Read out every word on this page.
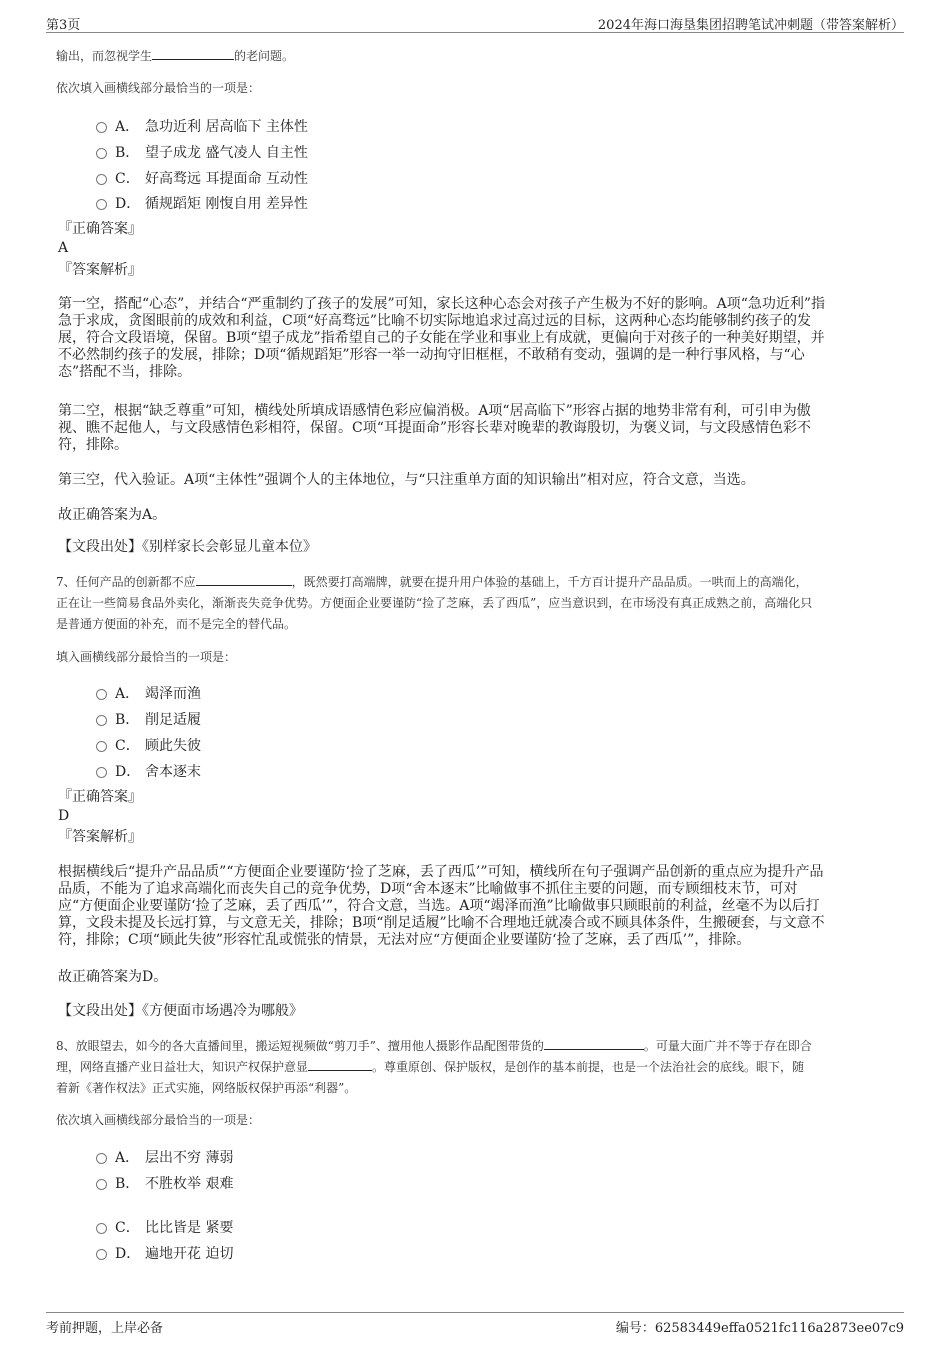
第3页	2024年海口海垦集团招聘笔试冲刺题（带答案解析）
输出，而忽视学生	的老问题。
依次填入画横线部分最恰当的一项是：
A． 急功近利 居高临下 主体性
B． 望子成龙 盛气凌人 自主性
C． 好高骛远 耳提面命 互动性
D． 循规蹈矩 刚愎自用 差异性
『正确答案』
A
『答案解析』
第一空，搭配“心态”，并结合“严重制约了孩子的发展”可知，家长这种心态会对孩子产生极为不好的影响。A项“急功近利”指
急于求成，贪图眼前的成效和利益，C项“好高骛远”比喻不切实际地追求过高过远的目标，这两种心态均能够制约孩子的发
展，符合文段语境，保留。B项“望子成龙”指希望自己的子女能在学业和事业上有成就，更偏向于对孩子的一种美好期望，并
不必然制约孩子的发展，排除；D项“循规蹈矩”形容一举一动拘守旧框框，不敢稍有变动，强调的是一种行事风格，与“心
态”搭配不当，排除。
第二空，根据“缺乏尊重”可知，横线处所填成语感情色彩应偏消极。A项“居高临下”形容占据的地势非常有利，可引申为傲
视、瞧不起他人，与文段感情色彩相符，保留。C项“耳提面命”形容长辈对晚辈的教诲殷切，为褒义词，与文段感情色彩不
符，排除。
第三空，代入验证。A项“主体性”强调个人的主体地位，与“只注重单方面的知识输出”相对应，符合文意，当选。
故正确答案为A。
【文段出处】《别样家长会彰显儿童本位》
7、任何产品的创新都不应	，既然要打高端牌，就要在提升用户体验的基础上，千方百计提升产品品质。一哄而上的高端化，
正在让一些简易食品外卖化，渐渐丧失竞争优势。方便面企业要谨防“捡了芝麻，丢了西瓜”，应当意识到，在市场没有真正成熟之前，高端化只
是普通方便面的补充，而不是完全的替代品。
填入画横线部分最恰当的一项是：
A． 竭泽而渔
B． 削足适履
C． 顾此失彼
D． 舍本逐末
『正确答案』
D
『答案解析』
根据横线后“提升产品品质”“方便面企业要谨防‘捡了芝麻，丢了西瓜’”可知，横线所在句子强调产品创新的重点应为提升产品
品质，不能为了追求高端化而丧失自己的竞争优势，D项“舍本逐末”比喻做事不抓住主要的问题，而专顾细枝末节，可对
应“方便面企业要谨防‘捡了芝麻，丢了西瓜’”，符合文意，当选。A项“竭泽而渔”比喻做事只顾眼前的利益，丝毫不为以后打
算，文段未提及长远打算，与文意无关，排除；B项“削足适履”比喻不合理地迁就凑合或不顾具体条件，生搬硬套，与文意不
符，排除；C项“顾此失彼”形容忙乱或慌张的情景，无法对应“方便面企业要谨防‘捡了芝麻，丢了西瓜’”，排除。
故正确答案为D。
【文段出处】《方便面市场遇冷为哪般》
8、放眼望去，如今的各大直播间里，搬运短视频做“剪刀手”、擅用他人摄影作品配图带货的	。可量大面广并不等于存在即合
理，网络直播产业日益壮大，知识产权保护意显	。尊重原创、保护版权，是创作的基本前提，也是一个法治社会的底线。眼下，随
着新《著作权法》正式实施，网络版权保护再添“利器”。
依次填入画横线部分最恰当的一项是：
A． 层出不穷 薄弱
B． 不胜枚举 艰难
C． 比比皆是 紧要
D． 遍地开花 迫切
考前押题，上岸必备	编号：62583449effa0521fc116a2873ee07c9
